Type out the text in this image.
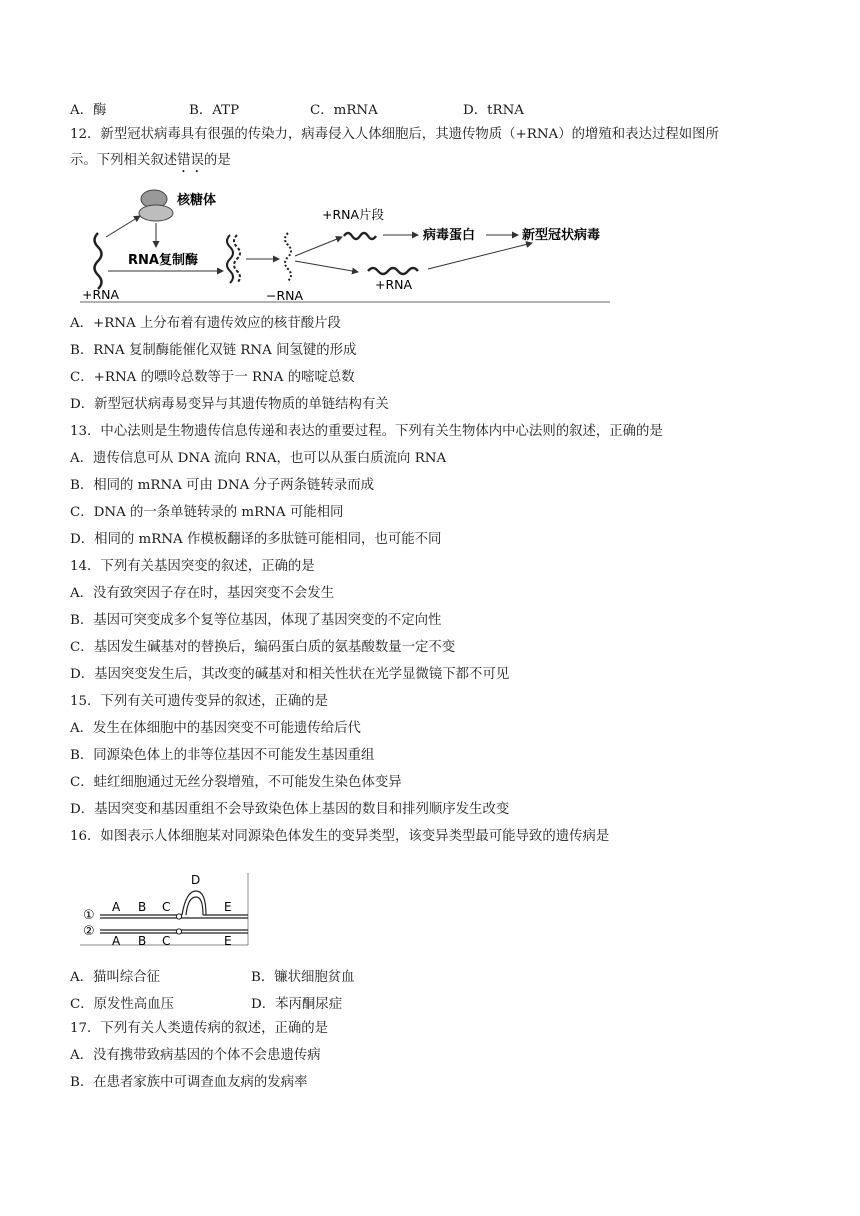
A．酶	B．ATP	C．mRNA	D．tRNA
12．新型冠状病毒具有很强的传染力，病毒侵入人体细胞后，其遗传物质（+RNA）的增殖和表达过程如图所
示。下列相关叙述错误的是
核糖体
+RNA
RNA复制酶
−RNA
+RNA片段
病毒蛋白	新型冠状病毒
+RNA
A．+RNA 上分布着有遗传效应的核苷酸片段
B．RNA 复制酶能催化双链 RNA 间氢键的形成
C．+RNA 的嘌呤总数等于一 RNA 的嘧啶总数
D．新型冠状病毒易变异与其遗传物质的单链结构有关
13．中心法则是生物遗传信息传递和表达的重要过程。下列有关生物体内中心法则的叙述，正确的是
A．遗传信息可从 DNA 流向 RNA，也可以从蛋白质流向 RNA
B．相同的 mRNA 可由 DNA 分子两条链转录而成
C．DNA 的一条单链转录的 mRNA 可能相同
D．相同的 mRNA 作模板翻译的多肽链可能相同，也可能不同
14．下列有关基因突变的叙述，正确的是
A．没有致突因子存在时，基因突变不会发生
B．基因可突变成多个复等位基因，体现了基因突变的不定向性
C．基因发生碱基对的替换后，编码蛋白质的氨基酸数量一定不变
D．基因突变发生后，其改变的碱基对和相关性状在光学显微镜下都不可见
15．下列有关可遗传变异的叙述，正确的是
A．发生在体细胞中的基因突变不可能遗传给后代
B．同源染色体上的非等位基因不可能发生基因重组
C．蛙红细胞通过无丝分裂增殖，不可能发生染色体变异
D．基因突变和基因重组不会导致染色体上基因的数目和排列顺序发生改变
16．如图表示人体细胞某对同源染色体发生的变异类型，该变异类型最可能导致的遗传病是
①
②
A B C
D
E
A B C	E
A．猫叫综合征	B．镰状细胞贫血
C．原发性高血压	D．苯丙酮尿症
17．下列有关人类遗传病的叙述，正确的是
A．没有携带致病基因的个体不会患遗传病
B．在患者家族中可调查血友病的发病率
